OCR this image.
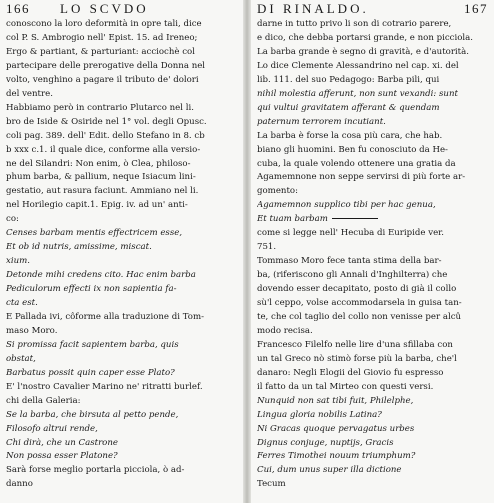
166 LO SCVDO
conoscono la loro deformità in opre tali, dice
col P. S. Ambrogio nell' Epist. 15. ad Ireneo;
Ergo & partiant, & parturiant: acciochè col
partecipare delle prerogative della Donna nel
volto, venghino a pagare il tributo de' dolori
del ventre.
Habbiamo però in contrario Plutarco nel li.
bro de Iside & Osiride nel 1° vol. degli Opusc.
coli pag. 389. dell' Edit. dello Stefano in 8. cb
b xxx c.1. il quale dice, conforme alla versio-
ne del Silandri: Non enim, ò Clea, philoso-
phum barba, & pallium, neque Isiacum lini-
gestatio, aut rasura faciunt. Ammiano nel li.
nel Horilegio capit.1. Epig. iv. ad un' anti-
co:
Censes barbam mentis effectricem esse,
Et ob id nutris, amissime, miscat.
xium.
Detonde mihi credens cito. Hac enim barba
Pediculorum effecti ix non sapientia fa-
cta est.
E Pallada ivi, côforme alla traduzione di Tom-
maso Moro.
Si promissa facit sapientem barba, quis
obstat,
Barbatus possit quin caper esse Plato?
E' l'nostro Cavalier Marino ne' ritratti burlef.
chi della Galeria:
Se la barba, che birsuta al petto pende,
Filosofo altrui rende,
Chi dirà, che un Castrone
Non possa esser Platone?
Sarà forse meglio portarla picciola, ò ad-
danno
DI RINALDO.	167
darne in tutto privo li son di cotrario parere,
e dico, che debba portarsi grande, e non picciola.
La barba grande è segno di gravità, e d'autorità.
Lo dice Clemente Alessandrino nel cap. xi. del
lib. 111. del suo Pedagogo: Barba pili, qui
nihil molestia afferunt, non sunt vexandi: sunt
qui vultui gravitatem afferant & quendam
paternum terrorem incutiant.
La barba è forse la cosa più cara, che hab.
biano gli huomini. Ben fu conosciuto da He-
cuba, la quale volendo ottenere una gratia da
Agamemnone non seppe servirsi di più forte ar-
gomento:
Agamemnon supplico tibi per hac genua,
Et tuam barbam
come si legge nell' Hecuba di Euripide ver.
751.
Tommaso Moro fece tanta stima della bar-
ba, (riferiscono gli Annali d'Inghilterra) che
dovendo esser decapitato, posto di già il collo
sù'l ceppo, volse accommodarsela in guisa tan-
te, che col taglio del collo non venisse per alcû
modo recisa.
Francesco Filelfo nelle lire d'una sfillaba con
un tal Greco nò stimò forse più la barba, che'l
danaro: Negli Elogii del Giovio fu espresso
il fatto da un tal Mirteo con questi versi.
Nunquid non sat tibi fuit, Philelphe,
Lingua gloria nobilis Latina?
Ni Gracas quoque pervagatus urbes
Dignus conjuge, nuptijs, Gracis
Ferres Timothei nouum triumphum?
Cui, dum unus super illa dictione
Tecum
